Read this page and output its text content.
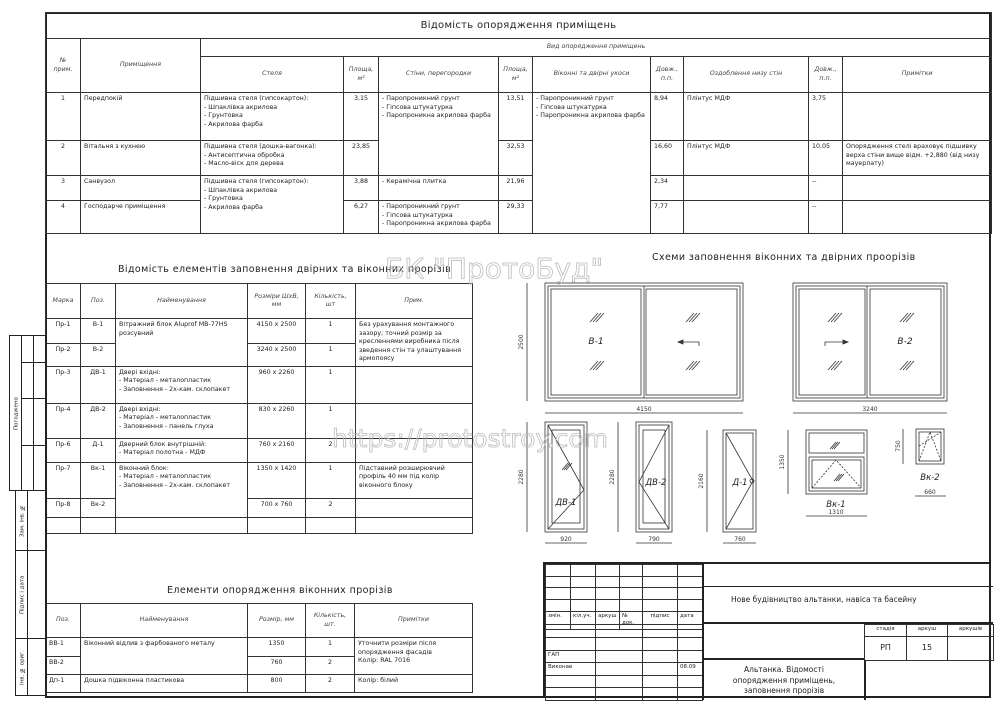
Відомість опорядження приміщень										
№
прим.	Приміщення	Вид опорядження приміщень								
		Стеля	Площа,
м²	Стіни, перегородки	Площа,
м²	Віконні та двірні укоси	Довж.,
п.п.	Оздоблення низу стін	Довж.,
п.п.	Примітки
1	Передпокій	Підшивна стеля (гипсокартон):
- Шпаклівка акрилова
- Грунтовка
- Акрилова фарба	3,15	- Паропроникний грунт
- Гіпсова штукатурка
- Паропроникна акрилова фарба	13,51	- Паропроникний грунт
- Гіпсова штукатурка
- Паропроникна акрилова фарба	8,94	Плінтус МДФ	3,75	
2	Вітальня з кухнею	Підшивна стеля (дошка-вагонка):
- Антисептична обробка
- Масло-віск для дерева	23,85		32,53		16,60	Плінтус МДФ	10,05	Опорядження стелі враховує підшивку верха стіни вище відм. +2,880 (від низу мауерлату)
3	Санвузол	Підшивна стеля (гипсокартон):
- Шпаклівка акрилова
- Грунтовка
- Акрилова фарба	3,88	- Керамічна плитка	21,96		2,34		--	
4	Господарче приміщення		6,27	- Паропроникний грунт
- Гіпсова штукатурка
- Паропроникна акрилова фарба	29,33		7,77		--	
Відомість елементів заповнення двірних та віконних прорізів
Марка	Поз.	Найменування	Розміри ШхВ,
мм	Кількість,
шт	Прим.
Пр-1	В-1	Вітражний блок Aluprof MB-77HS розсувний	4150 x 2500	1	Без урахування монтажного зазору; точний розмір за кресленнями виробника після зведення стін та улаштування армопоясу
Пр-2	В-2		3240 x 2500	1	
Пр-3	ДВ-1	Двері вхідні:
- Матеріал - металопластик
- Заповнення - 2х-кам. склопакет	960 x 2260	1	
Пр-4	ДВ-2	Двері вхідні:
- Матеріал - металопластик
- Заповнення - панель глуха	830 x 2260	1	
Пр-6	Д-1	Дверний блок внутрішній:
- Матеріал полотна - МДФ	760 x 2160	2	
Пр-7	Вк-1	Віконний блок:
- Матеріал - металопластик
- Заповнення - 2х-кам. склопакет	1350 x 1420	1	Підставний розширювчий профіль 40 мм під колір віконного блоку
Пр-8	Вк-2		700 x 760	2	

Елементи опорядження віконних прорізів
Поз.	Найменування	Розмір, мм	Кількість,
шт.	Примітки
ВВ-1	Віконний відлив з фарбованого металу	1350	1	Уточнити розміри після опорядження фасадів
Колір: RAL 7016
ВВ-2		760	2	
Дп-1	Дошка підвіконна пластикова	800	2	Колір: білий
Схеми заповнення віконних та двірних проорізів
В-1
2500
4150
В-2
3240
ДВ-1
2280
920
ДВ-2
2280
790
Д-1
2160
760
Вк-1
1350
1310
Вк-2
750
660
БК "ПротоБуд"
https://protostroy.com

змін.	кіл.уч.	аркуш	№ док.	підпис	дата

ГАП			
Виконав			08.09

Нове будівництво альтанки, навіса та басейну
стадія	аркуш	аркушів
РП	15	
Альтанка. Відомості опорядження приміщень, заповнення прорізів
Погоджено		

Зам. інв. №	
Підпис і дата	
Інв. № ориг.	
